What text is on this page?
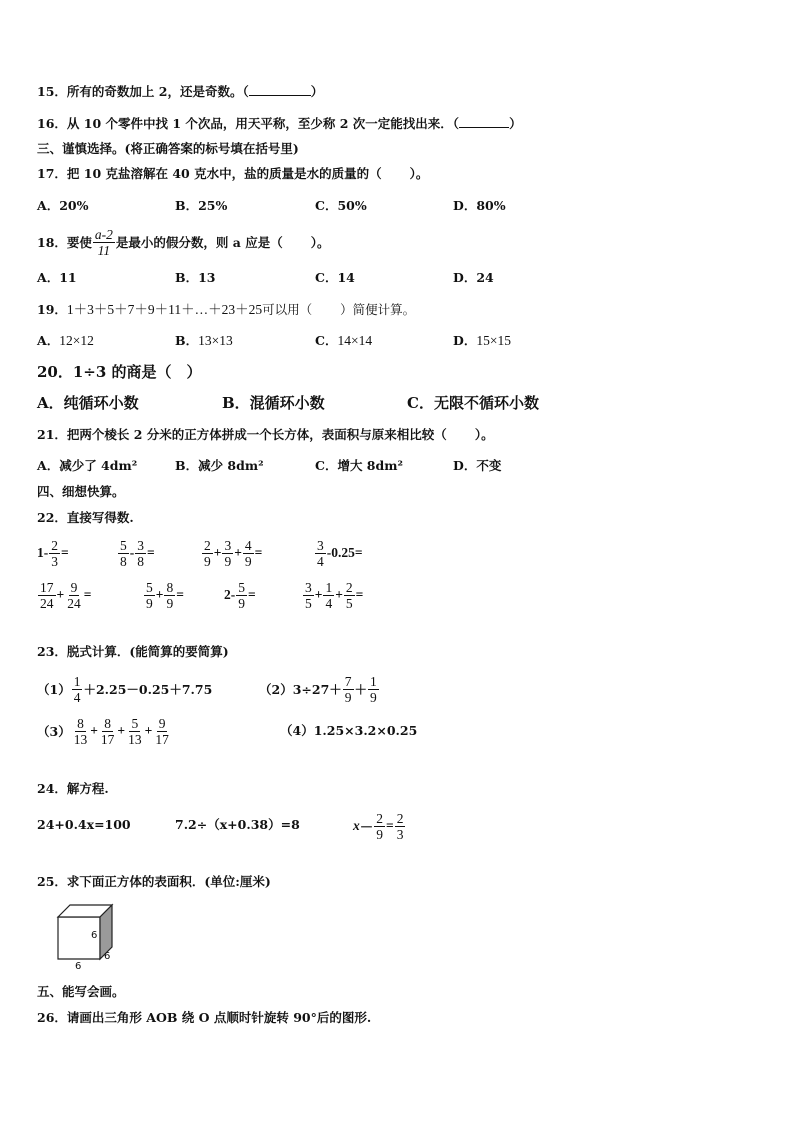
15．所有的奇数加上 2，还是奇数。（	）
16．从 10 个零件中找 1 个次品，用天平称，至少称 2 次一定能找出来．（	）
三、谨慎选择。(将正确答案的标号填在括号里)
17．把 10 克盐溶解在 40 克水中，盐的质量是水的质量的（ ）。
A．20%	B．25%	C．50%	D．80%
18． 要使 $\frac{a-2}{11}$ 是最小的假分数，则 a 应是（ ）。
A．11	B．13	C．14	D．24
19．1＋3＋5＋7＋9＋11＋…＋23＋25可以用（ ）简便计算。
A．12×12	B．13×13	C．14×14	D．15×15
20．1÷3 的商是（　）
A．纯循环小数	B．混循环小数	C．无限不循环小数
21．把两个棱长 2 分米的正方体拼成一个长方体，表面积与原来相比较（ ）。
A．减少了 4dm²	B．减少 8dm²	C．增大 8dm²	D．不变
四、细想快算。
22．直接写得数.
$1- \frac{2}{3}$ =	$\frac{5}{8} - \frac{3}{8}$ =	$\frac{2}{9} + \frac{3}{9} + \frac{4}{9}$ =	$\frac{3}{4} -0.25=$
$\frac{17}{24} + \frac{9}{24}$ =	$\frac{5}{9} + \frac{8}{9}$ =	$2- \frac{5}{9}$ =	$\frac{3}{5} + \frac{1}{4} + \frac{2}{5}$ =
23．脱式计算．(能简算的要简算)
$(1) \frac{1}{4} +2.25-0.25+7.75$	$(2)3\div 27+ \frac{7}{9} + \frac{1}{9}$
$(3) \frac{8}{13} + \frac{8}{17} + \frac{5}{13} + \frac{9}{17}$	（4）1.25×3.2×0.25
24．解方程.
24+0.4x=100	7.2÷（x+0.38）=8	$x - \frac{2}{9} = \frac{2}{3}$
25．求下面正方体的表面积．(单位:厘米)
6
6
6
五、能写会画。
26．请画出三角形 AOB 绕 O 点顺时针旋转 90°后的图形.
